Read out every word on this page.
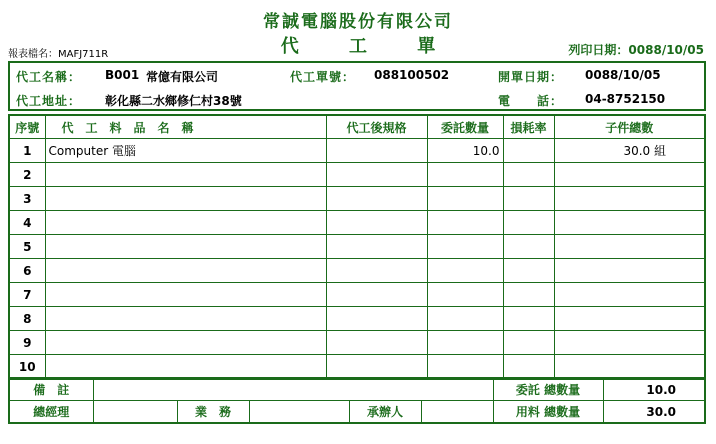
常誠電腦股份有限公司
代	工	單
報表檔名：MAFJ711R	列印日期：0088/10/05
代工名稱： B001 常億有限公司	代工單號： 088100502	開單日期： 0088/10/05
代工地址： 彰化縣二水鄉修仁村38號	電　　話： 04-8752150
序號	代　工　料　品　名　稱	代工後規格	委託數量	損耗率	子件總數
1	Computer 電腦		10.0		30.0 組
2					
3					
4					
5					
6					
7					
8					
9					
10					
備　註						委託 總數量	10.0
總經理		業　務		承辦人		用料 總數量	30.0
